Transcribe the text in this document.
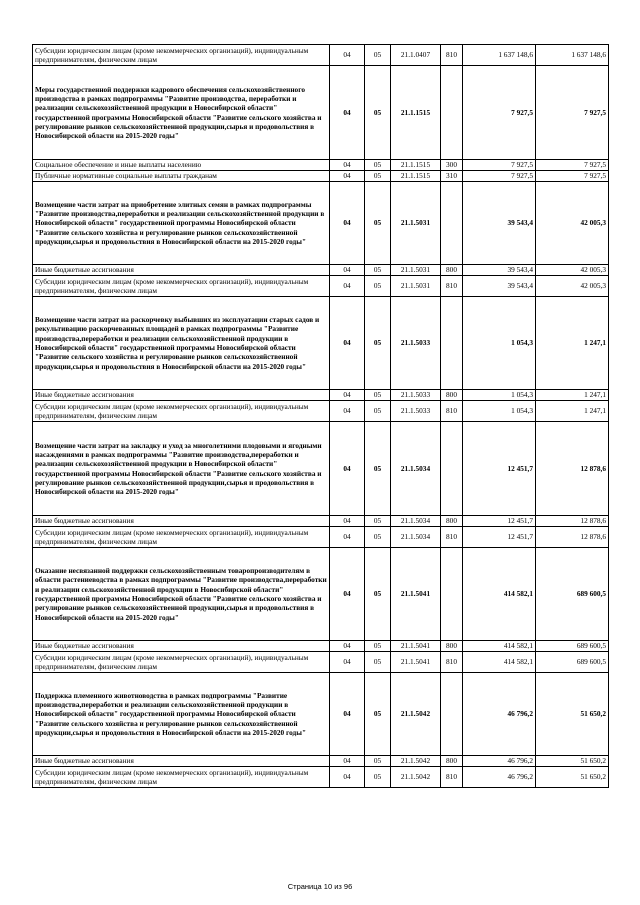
Субсидии юридическим лицам (кроме некоммерческих организаций), индивидуальным предпринимателям, физическим лицам	04	05	21.1.0407	810	1 637 148,6	1 637 148,6
Меры государственной поддержки кадрового обеспечения сельскохозяйственного производства в рамках подпрограммы "Развитие производства, переработки и реализации сельскохозяйственной продукции в Новосибирской области" государственной программы Новосибирской области "Развитие сельского хозяйства и регулирование рынков сельскохозяйственной продукции,сырья и продовольствия в Новосибирской области на 2015-2020 годы"	04	05	21.1.1515		7 927,5	7 927,5
Социальное обеспечение и иные выплаты населению	04	05	21.1.1515	300	7 927,5	7 927,5
Публичные нормативные социальные выплаты гражданам	04	05	21.1.1515	310	7 927,5	7 927,5
Возмещение части затрат на приобретение элитных семян в рамках подпрограммы "Развитие производства,переработки и реализации сельскохозяйственной продукции в Новосибирской области" государственной программы Новосибирской области "Развитие сельского хозяйства и регулирование рынков сельскохозяйственной продукции,сырья и продовольствия в Новосибирской области на 2015-2020 годы"	04	05	21.1.5031		39 543,4	42 005,3
Иные бюджетные ассигнования	04	05	21.1.5031	800	39 543,4	42 005,3
Субсидии юридическим лицам (кроме некоммерческих организаций), индивидуальным предпринимателям, физическим лицам	04	05	21.1.5031	810	39 543,4	42 005,3
Возмещение части затрат на раскорчевку выбывших из эксплуатации старых садов и рекультивацию раскорчеванных площадей в рамках подпрограммы "Развитие производства,переработки и реализации сельскохозяйственной продукции в Новосибирской области" государственной программы Новосибирской области "Развитие сельского хозяйства и регулирование рынков сельскохозяйственной продукции,сырья и продовольствия в Новосибирской области на 2015-2020 годы"	04	05	21.1.5033		1 054,3	1 247,1
Иные бюджетные ассигнования	04	05	21.1.5033	800	1 054,3	1 247,1
Субсидии юридическим лицам (кроме некоммерческих организаций), индивидуальным предпринимателям, физическим лицам	04	05	21.1.5033	810	1 054,3	1 247,1
Возмещение части затрат на закладку и уход за многолетними плодовыми и ягодными насаждениями в рамках подпрограммы "Развитие производства,переработки и реализации сельскохозяйственной продукции в Новосибирской области" государственной программы Новосибирской области "Развитие сельского хозяйства и регулирование рынков сельскохозяйственной продукции,сырья и продовольствия в Новосибирской области на 2015-2020 годы"	04	05	21.1.5034		12 451,7	12 878,6
Иные бюджетные ассигнования	04	05	21.1.5034	800	12 451,7	12 878,6
Субсидии юридическим лицам (кроме некоммерческих организаций), индивидуальным предпринимателям, физическим лицам	04	05	21.1.5034	810	12 451,7	12 878,6
Оказание несвязанной поддержки сельскохозяйственным товаропроизводителям в области растениеводства в рамках подпрограммы "Развитие производства,переработки и реализации сельскохозяйственной продукции в Новосибирской области" государственной программы Новосибирской области "Развитие сельского хозяйства и регулирование рынков сельскохозяйственной продукции,сырья и продовольствия в Новосибирской области на 2015-2020 годы"	04	05	21.1.5041		414 582,1	689 600,5
Иные бюджетные ассигнования	04	05	21.1.5041	800	414 582,1	689 600,5
Субсидии юридическим лицам (кроме некоммерческих организаций), индивидуальным предпринимателям, физическим лицам	04	05	21.1.5041	810	414 582,1	689 600,5
Поддержка племенного животноводства в рамках подпрограммы "Развитие производства,переработки и реализации сельскохозяйственной продукции в Новосибирской области" государственной программы Новосибирской области "Развитие сельского хозяйства и регулирование рынков сельскохозяйственной продукции,сырья и продовольствия в Новосибирской области на 2015-2020 годы"	04	05	21.1.5042		46 796,2	51 650,2
Иные бюджетные ассигнования	04	05	21.1.5042	800	46 796,2	51 650,2
Субсидии юридическим лицам (кроме некоммерческих организаций), индивидуальным предпринимателям, физическим лицам	04	05	21.1.5042	810	46 796,2	51 650,2
Страница 10 из 96
